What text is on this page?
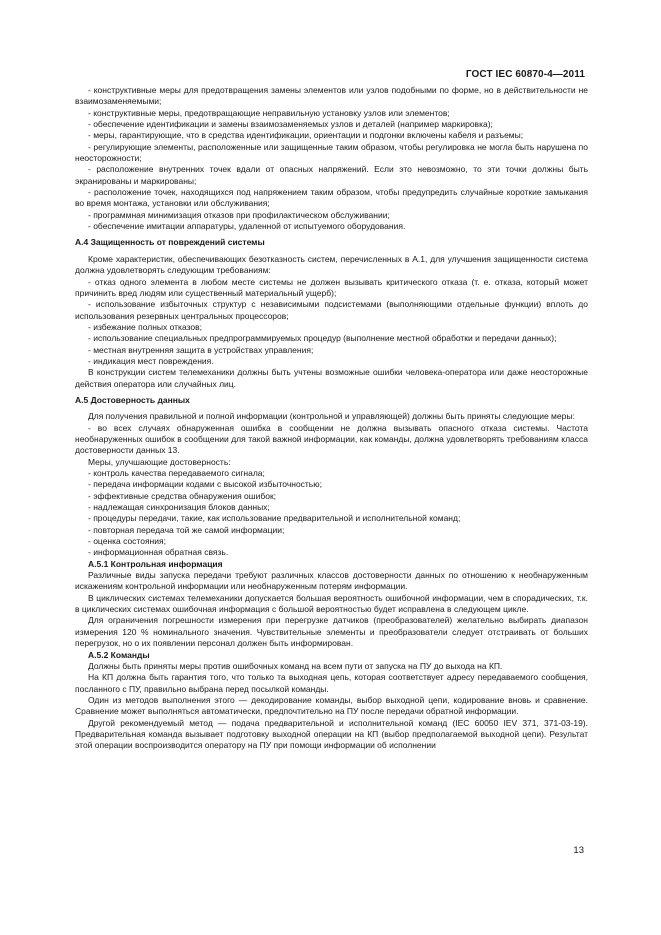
ГОСТ IEC 60870-4—2011

- конструктивные меры для предотвращения замены элементов или узлов подобными по форме, но в действительности не взаимозаменяемыми;

- конструктивные меры, предотвращающие неправильную установку узлов или элементов;

- обеспечение идентификации и замены взаимозаменяемых узлов и деталей (например маркировка);

- меры, гарантирующие, что в средства идентификации, ориентации и подгонки включены кабеля и разъемы;

- регулирующие элементы, расположенные или защищенные таким образом, чтобы регулировка не могла быть нарушена по неосторожности;

- расположение внутренних точек вдали от опасных напряжений. Если это невозможно, то эти точки должны быть экранированы и маркированы;

- расположение точек, находящихся под напряжением таким образом, чтобы предупредить случайные короткие замыкания во время монтажа, установки или обслуживания;

- программная минимизация отказов при профилактическом обслуживании;

- обеспечение имитации аппаратуры, удаленной от испытуемого оборудования.

А.4 Защищенность от повреждений системы

Кроме характеристик, обеспечивающих безотказность систем, перечисленных в А.1, для улучшения защищенности система должна удовлетворять следующим требованиям:

- отказ одного элемента в любом месте системы не должен вызывать критического отказа (т. е. отказа, который может причинить вред людям или существенный материальный ущерб);

- использование избыточных структур с независимыми подсистемами (выполняющими отдельные функции) вплоть до использования резервных центральных процессоров;

- избежание полных отказов;

- использование специальных предпрограммируемых процедур (выполнение местной обработки и передачи данных);

- местная внутренняя защита в устройствах управления;

- индикация мест повреждения.

В конструкции систем телемеханики должны быть учтены возможные ошибки человека-оператора или даже неосторожные действия оператора или случайных лиц.

А.5 Достоверность данных

Для получения правильной и полной информации (контрольной и управляющей) должны быть приняты следующие меры:

- во всех случаях обнаруженная ошибка в сообщении не должна вызывать опасного отказа системы. Частота необнаруженных ошибок в сообщении для такой важной информации, как команды, должна удовлетворять требованиям класса достоверности данных 13.

Меры, улучшающие достоверность:

- контроль качества передаваемого сигнала;

- передача информации кодами с высокой избыточностью;

- эффективные средства обнаружения ошибок;

- надлежащая синхронизация блоков данных;

- процедуры передачи, такие, как использование предварительной и исполнительной команд;

- повторная передача той же самой информации;

- оценка состояния;

- информационная обратная связь.

А.5.1 Контрольная информация

Различные виды запуска передачи требуют различных классов достоверности данных по отношению к необнаруженным искажениям контрольной информации или необнаруженным потерям информации.

В циклических системах телемеханики допускается большая вероятность ошибочной информации, чем в спорадических, т.к. в циклических системах ошибочная информация с большой вероятностью будет исправлена в следующем цикле.

Для ограничения погрешности измерения при перегрузке датчиков (преобразователей) желательно выбирать диапазон измерения 120 % номинального значения. Чувствительные элементы и преобразователи следует отстраивать от больших перегрузок, но о их появлении персонал должен быть информирован.

А.5.2 Команды

Должны быть приняты меры против ошибочных команд на всем пути от запуска на ПУ до выхода на КП.

На КП должна быть гарантия того, что только та выходная цепь, которая соответствует адресу передаваемого сообщения, посланного с ПУ, правильно выбрана перед посылкой команды.

Один из методов выполнения этого — декодирование команды, выбор выходной цепи, кодирование вновь и сравнение. Сравнение может выполняться автоматически, предпочтительно на ПУ после передачи обратной информации.

Другой рекомендуемый метод — подача предварительной и исполнительной команд (IEC 60050 IEV 371, 371-03-19). Предварительная команда вызывает подготовку выходной операции на КП (выбор предполагаемой выходной цепи). Результат этой операции воспроизводится оператору на ПУ при помощи информации об исполнении

13
